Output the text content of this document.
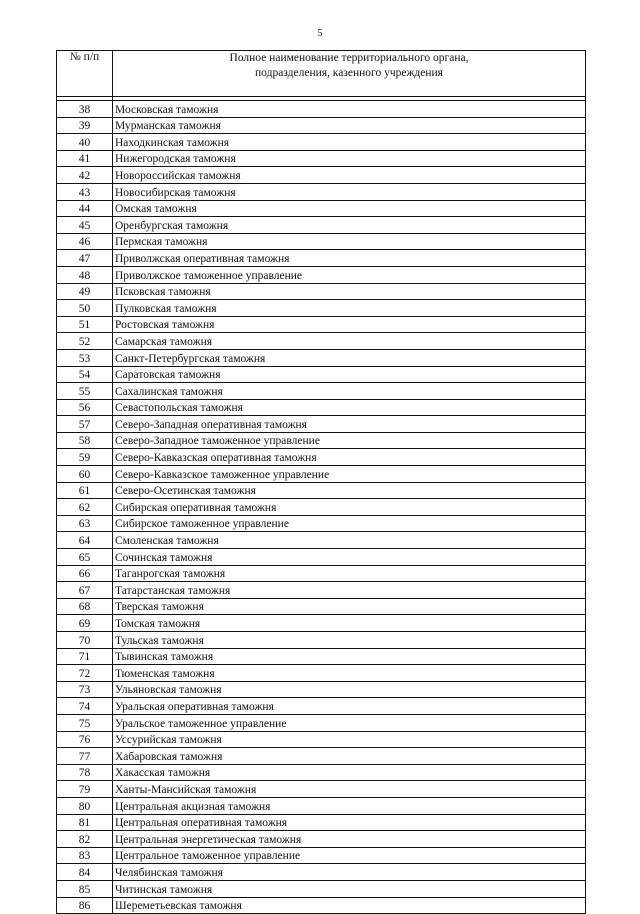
5
№ п/п	Полное наименование территориального органа,
подразделения, казенного учреждения

38	Московская таможня
39	Мурманская таможня
40	Находкинская таможня
41	Нижегородская таможня
42	Новороссийская таможня
43	Новосибирская таможня
44	Омская таможня
45	Оренбургская таможня
46	Пермская таможня
47	Приволжская оперативная таможня
48	Приволжское таможенное управление
49	Псковская таможня
50	Пулковская таможня
51	Ростовская таможня
52	Самарская таможня
53	Санкт-Петербургская таможня
54	Саратовская таможня
55	Сахалинская таможня
56	Севастопольская таможня
57	Северо-Западная оперативная таможня
58	Северо-Западное таможенное управление
59	Северо-Кавказская оперативная таможня
60	Северо-Кавказское таможенное управление
61	Северо-Осетинская таможня
62	Сибирская оперативная таможня
63	Сибирское таможенное управление
64	Смоленская таможня
65	Сочинская таможня
66	Таганрогская таможня
67	Татарстанская таможня
68	Тверская таможня
69	Томская таможня
70	Тульская таможня
71	Тывинская таможня
72	Тюменская таможня
73	Ульяновская таможня
74	Уральская оперативная таможня
75	Уральское таможенное управление
76	Уссурийская таможня
77	Хабаровская таможня
78	Хакасская таможня
79	Ханты-Мансийская таможня
80	Центральная акцизная таможня
81	Центральная оперативная таможня
82	Центральная энергетическая таможня
83	Центральное таможенное управление
84	Челябинская таможня
85	Читинская таможня
86	Шереметьевская таможня
